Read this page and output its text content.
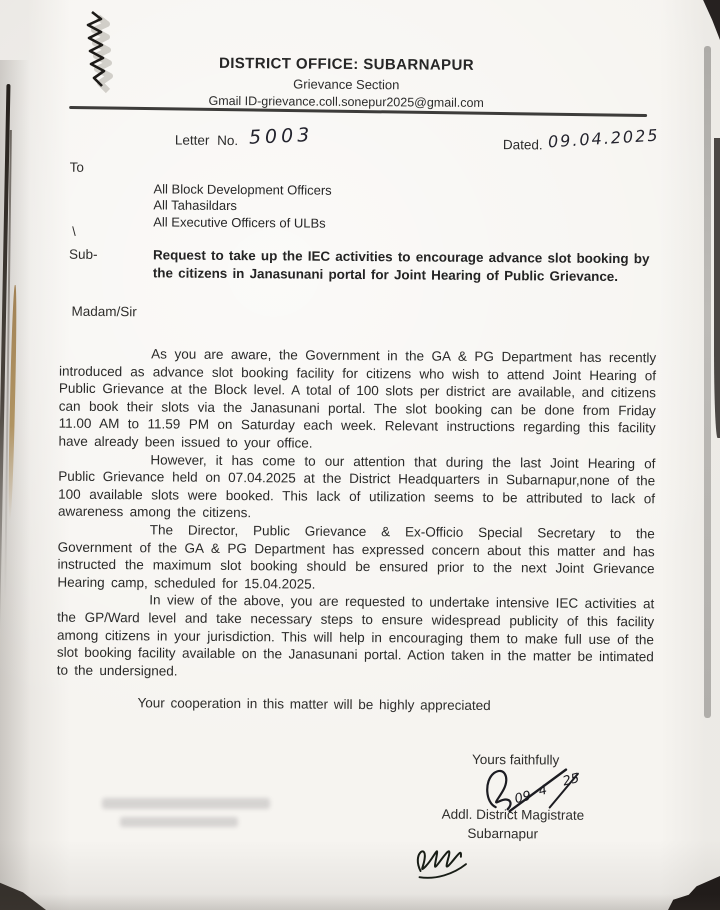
DISTRICT OFFICE: SUBARNAPUR
Grievance Section
Gmail ID-grievance.coll.sonepur2025@gmail.com
Letter No. 5003	Dated. 09.04.2025
To
All Block Development Officers
All Tahasildars
All Executive Officers of ULBs
\
Sub-	Request to take up the IEC activities to encourage advance slot booking by the citizens in Janasunani portal for Joint Hearing of Public Grievance.
Madam/Sir

As you are aware, the Government in the GA & PG Department has recently introduced as advance slot booking facility for citizens who wish to attend Joint Hearing of Public Grievance at the Block level. A total of 100 slots per district are available, and citizens can book their slots via the Janasunani portal. The slot booking can be done from Friday 11.00 AM to 11.59 PM on Saturday each week. Relevant instructions regarding this facility have already been issued to your office.

However, it has come to our attention that during the last Joint Hearing of Public Grievance held on 07.04.2025 at the District Headquarters in Subarnapur,none of the 100 available slots were booked. This lack of utilization seems to be attributed to lack of awareness among the citizens.

The Director, Public Grievance & Ex-Officio Special Secretary to the Government of the GA & PG Department has expressed concern about this matter and has instructed the maximum slot booking should be ensured prior to the next Joint Grievance Hearing camp, scheduled for 15.04.2025.

In view of the above, you are requested to undertake intensive IEC activities at the GP/Ward level and take necessary steps to ensure widespread publicity of this facility among citizens in your jurisdiction. This will help in encouraging them to make full use of the slot booking facility available on the Janasunani portal. Action taken in the matter be intimated to the undersigned.

Your cooperation in this matter will be highly appreciated
Yours faithfully
09 4
25
Addl. District Magistrate
Subarnapur
